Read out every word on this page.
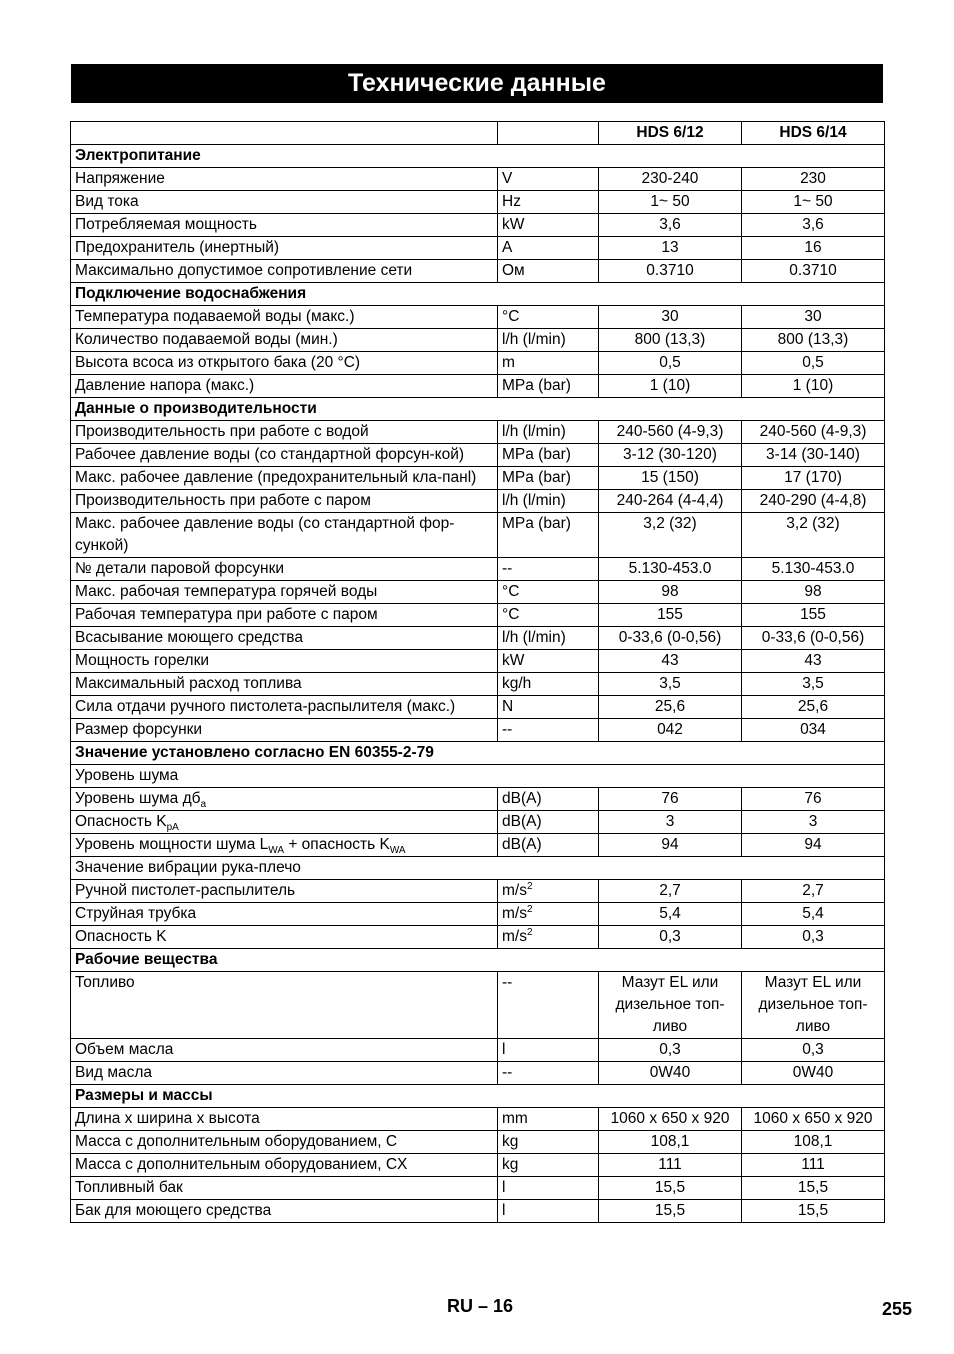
Технические данные
		HDS 6/12	HDS 6/14
Электропитание			
Напряжение	V	230-240	230
Вид тока	Hz	1~ 50	1~ 50
Потребляемая мощность	kW	3,6	3,6
Предохранитель (инертный)	A	13	16
Максимально допустимое сопротивление сети	Ом	0.3710	0.3710
Подключение водоснабжения			
Температура подаваемой воды (макс.)	°C	30	30
Количество подаваемой воды (мин.)	l/h (l/min)	800 (13,3)	800 (13,3)
Высота всоса из открытого бака (20 °C)	m	0,5	0,5
Давление напора (макс.)	MPa (bar)	1 (10)	1 (10)
Данные о производительности			
Производительность при работе с водой	l/h (l/min)	240-560 (4-9,3)	240-560 (4-9,3)
Рабочее давление воды (со стандартной форсун-кой)	MPa (bar)	3-12 (30-120)	3-14 (30-140)
Макс. рабочее давление (предохранительный кла-панl)	MPa (bar)	15 (150)	17 (170)
Производительность при работе с паром	l/h (l/min)	240-264 (4-4,4)	240-290 (4-4,8)
Макс. рабочее давление воды (со стандартной фор-сункой)	MPa (bar)	3,2 (32)	3,2 (32)
№ детали паровой форсунки	--	5.130-453.0	5.130-453.0
Макс. рабочая температура горячей воды	°C	98	98
Рабочая температура при работе с паром	°C	155	155
Всасывание моющего средства	l/h (l/min)	0-33,6 (0-0,56)	0-33,6 (0-0,56)
Мощность горелки	kW	43	43
Максимальный расход топлива	kg/h	3,5	3,5
Сила отдачи ручного пистолета-распылителя (макс.)	N	25,6	25,6
Размер форсунки	--	042	034
Значение установлено согласно EN 60355-2-79			
Уровень шума			
Уровень шума $дб_a$	dB(A)	76	76
Опасность $K_{pA}$	dB(A)	3	3
Уровень мощности шума $L_{WA}$ + опасность $K_{WA}$	dB(A)	94	94
Значение вибрации рука-плечо			
Ручной пистолет-распылитель	$m/s^2$	2,7	2,7
Струйная трубка	$m/s^2$	5,4	5,4
Опасность K	$m/s^2$	0,3	0,3
Рабочие вещества			
Топливо	--	Мазут EL или дизельное топ-ливо	Мазут EL или дизельное топ-ливо
Объем масла	l	0,3	0,3
Вид масла	--	0W40	0W40
Размеры и массы			
Длина x ширина x высота	mm	1060 x 650 x 920	1060 x 650 x 920
Масса с дополнительным оборудованием, C	kg	108,1	108,1
Масса с дополнительным оборудованием, CX	kg	111	111
Топливный бак	l	15,5	15,5
Бак для моющего средства	l	15,5	15,5
RU – 16	255
